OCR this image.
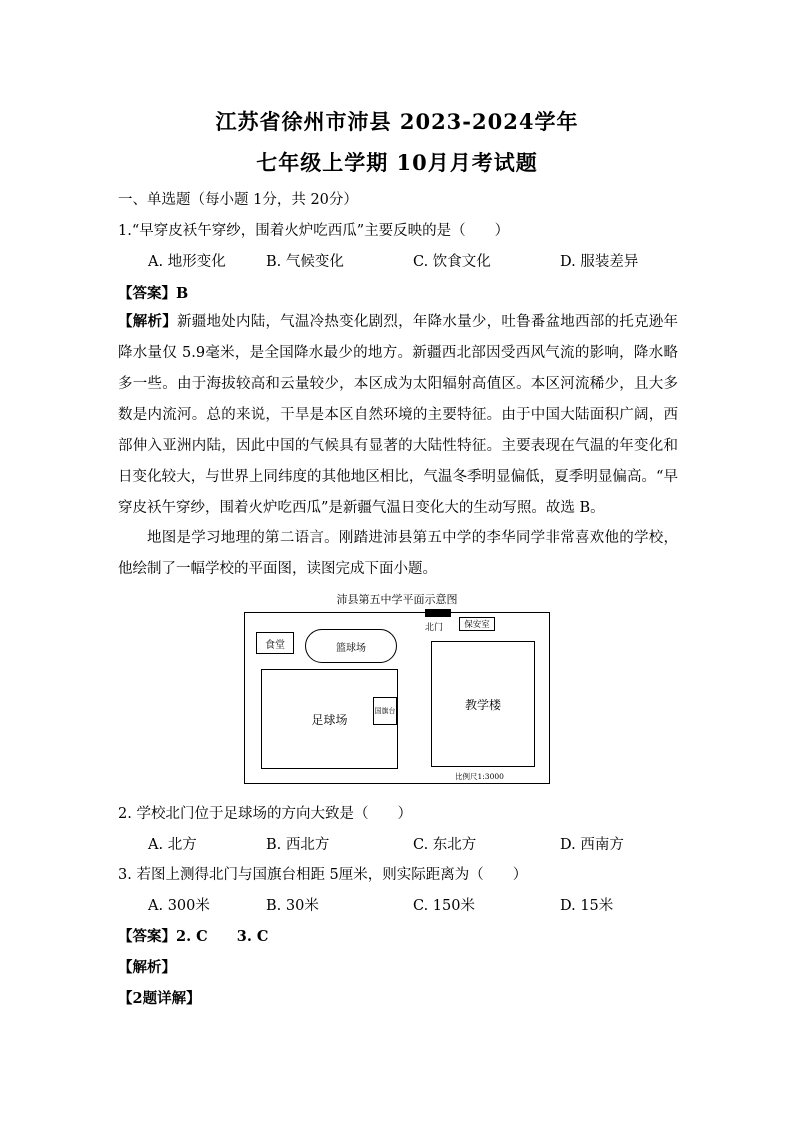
江苏省徐州市沛县 2023-2024学年
七年级上学期 10月月考试题
一、单选题（每小题 1分，共 20分）
1.“早穿皮袄午穿纱，围着火炉吃西瓜”主要反映的是（　　）
A. 地形变化	B. 气候变化	C. 饮食文化	D. 服装差异
【答案】B
【解析】新疆地处内陆，气温冷热变化剧烈，年降水量少，吐鲁番盆地西部的托克逊年降水量仅 5.9毫米，是全国降水最少的地方。新疆西北部因受西风气流的影响，降水略多一些。由于海拔较高和云量较少，本区成为太阳辐射高值区。本区河流稀少，且大多数是内流河。总的来说，干旱是本区自然环境的主要特征。由于中国大陆面积广阔，西部伸入亚洲内陆，因此中国的气候具有显著的大陆性特征。主要表现在气温的年变化和日变化较大，与世界上同纬度的其他地区相比，气温冬季明显偏低，夏季明显偏高。“早穿皮袄午穿纱，围着火炉吃西瓜”是新疆气温日变化大的生动写照。故选 B。
地图是学习地理的第二语言。刚踏进沛县第五中学的李华同学非常喜欢他的学校，他绘制了一幅学校的平面图，读图完成下面小题。
沛县第五中学平面示意图
北门	保安室
食堂	篮球场
足球场
国旗台	教学楼
比例尺1:3000
2. 学校北门位于足球场的方向大致是（　　）
A. 北方	B. 西北方	C. 东北方	D. 西南方
3. 若图上测得北门与国旗台相距 5厘米，则实际距离为（　　）
A. 300米	B. 30米	C. 150米	D. 15米
【答案】2. C　　3. C
【解析】
【2题详解】
